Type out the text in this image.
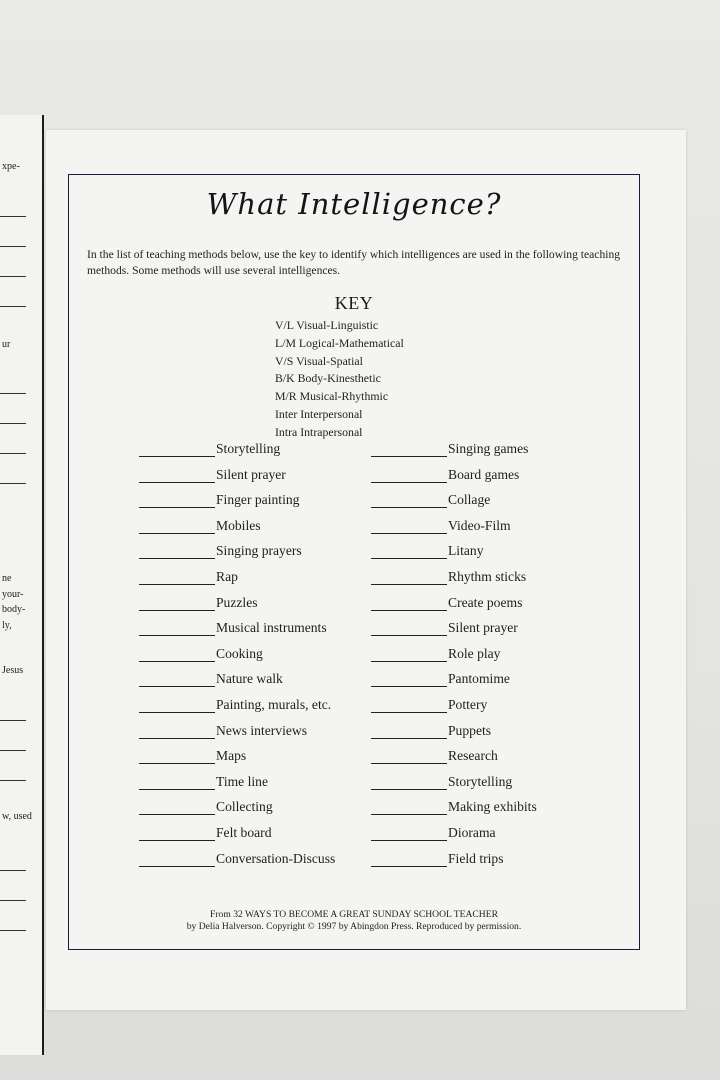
xpe-
ur
ne
your-
body-
ly,
Jesus
w, used
What Intelligence?
In the list of teaching methods below, use the key to identify which intelligences are used in the following teaching methods. Some methods will use several intelligences.
KEY
V/L Visual-Linguistic
L/M Logical-Mathematical
V/S Visual-Spatial
B/K Body-Kinesthetic
M/R Musical-Rhythmic
Inter Interpersonal
Intra Intrapersonal
Storytelling
Silent prayer
Finger painting
Mobiles
Singing prayers
Rap
Puzzles
Musical instruments
Cooking
Nature walk
Painting, murals, etc.
News interviews
Maps
Time line
Collecting
Felt board
Conversation-Discuss
Singing games
Board games
Collage
Video-Film
Litany
Rhythm sticks
Create poems
Silent prayer
Role play
Pantomime
Pottery
Puppets
Research
Storytelling
Making exhibits
Diorama
Field trips
From 32 WAYS TO BECOME A GREAT SUNDAY SCHOOL TEACHER
by Delia Halverson. Copyright © 1997 by Abingdon Press. Reproduced by permission.
